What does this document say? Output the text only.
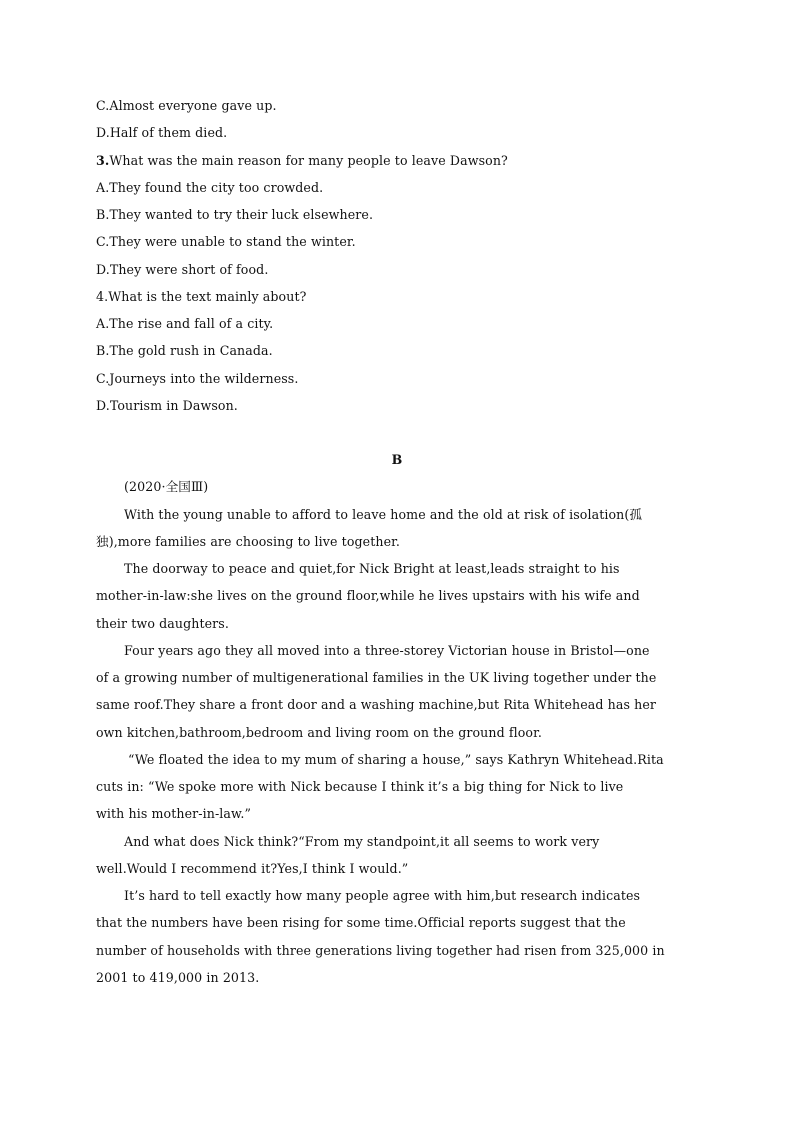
C.Almost everyone gave up.
D.Half of them died.
3.What was the main reason for many people to leave Dawson?
A.They found the city too crowded.
B.They wanted to try their luck elsewhere.
C.They were unable to stand the winter.
D.They were short of food.
4.What is the text mainly about?
A.The rise and fall of a city.
B.The gold rush in Canada.
C.Journeys into the wilderness.
D.Tourism in Dawson.
B
(2020·全国Ⅲ)
With the young unable to afford to leave home and the old at risk of isolation(孤
独),more families are choosing to live together.
The doorway to peace and quiet,for Nick Bright at least,leads straight to his
mother-in-law:she lives on the ground floor,while he lives upstairs with his wife and
their two daughters.
Four years ago they all moved into a three-storey Victorian house in Bristol—one
of a growing number of multigenerational families in the UK living together under the
same roof.They share a front door and a washing machine,but Rita Whitehead has her
own kitchen,bathroom,bedroom and living room on the ground floor.
“We floated the idea to my mum of sharing a house,” says Kathryn Whitehead.Rita
cuts in: “We spoke more with Nick because I think it’s a big thing for Nick to live
with his mother-in-law.”
And what does Nick think?“From my standpoint,it all seems to work very
well.Would I recommend it?Yes,I think I would.”
It’s hard to tell exactly how many people agree with him,but research indicates
that the numbers have been rising for some time.Official reports suggest that the
number of households with three generations living together had risen from 325,000 in
2001 to 419,000 in 2013.
